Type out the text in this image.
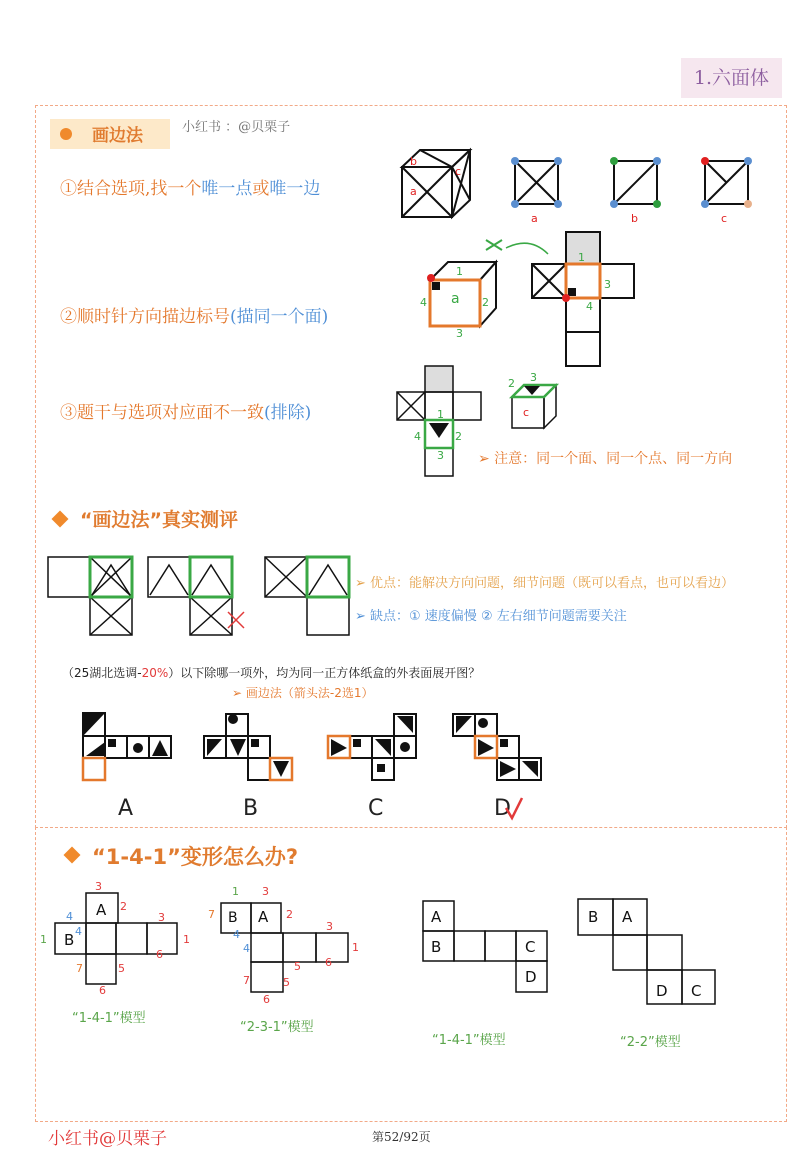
1.六面体
画边法	小红书 ：@贝栗子
①结合选项,找一个唯一点或唯一边
②顺时针方向描边标号(描同一个面)
③题干与选项对应面不一致(排除)
➢ 注意：同一个面、同一个点、同一方向
“画边法”真实测评
➢ 优点：能解决方向问题，细节问题（既可以看点，也可以看边）
➢ 缺点：① 速度偏慢 ② 左右细节问题需要关注
（25湖北选调-20%）以下除哪一项外，均为同一正方体纸盒的外表面展开图？
➢ 画边法（箭头法-2选1）
A	B	C	D
“1-4-1”变形怎么办?
“1-4-1”模型
“2-3-1”模型
“1-4-1”模型	“2-2”模型
小红书@贝栗子	第52/92页
b
a
c
a	b	c
a
1
2
3
4
1
3
4
4	2
1
3
2 3
c
A
B
B A	A
B	C
D
B A
D C
3
2
3
1
6
5
6
7
4
4
1
1 3
2
3
1
6
5
5
6
7
7
4
4
